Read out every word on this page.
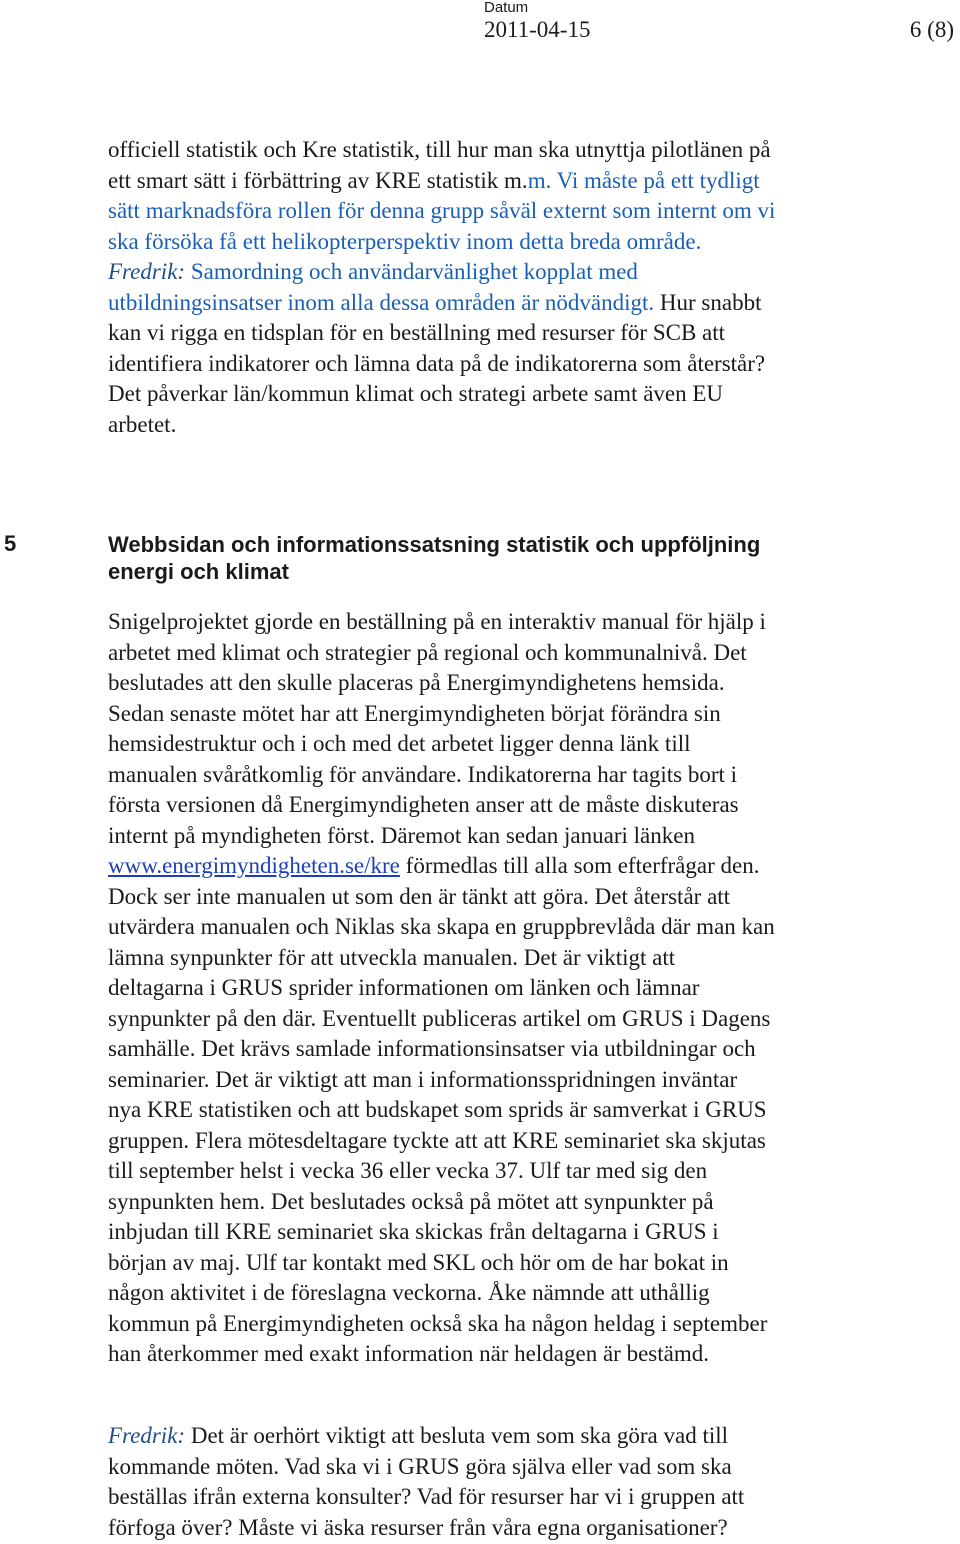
Datum
2011-04-15	6 (8)
officiell statistik och Kre statistik, till hur man ska utnyttja pilotlänen på
ett smart sätt i förbättring av KRE statistik m.m. Vi måste på ett tydligt
sätt marknadsföra rollen för denna grupp såväl externt som internt om vi
ska försöka få ett helikopterperspektiv inom detta breda område.
Fredrik: Samordning och användarvänlighet kopplat med
utbildningsinsatser inom alla dessa områden är nödvändigt. Hur snabbt
kan vi rigga en tidsplan för en beställning med resurser för SCB att
identifiera indikatorer och lämna data på de indikatorerna som återstår?
Det påverkar län/kommun klimat och strategi arbete samt även EU
arbetet.
5	Webbsidan och informationssatsning statistik och uppföljning
energi och klimat
Snigelprojektet gjorde en beställning på en interaktiv manual för hjälp i
arbetet med klimat och strategier på regional och kommunalnivå. Det
beslutades att den skulle placeras på Energimyndighetens hemsida.
Sedan senaste mötet har att Energimyndigheten börjat förändra sin
hemsidestruktur och i och med det arbetet ligger denna länk till
manualen svåråtkomlig för användare. Indikatorerna har tagits bort i
första versionen då Energimyndigheten anser att de måste diskuteras
internt på myndigheten först. Däremot kan sedan januari länken
www.energimyndigheten.se/kre förmedlas till alla som efterfrågar den.
Dock ser inte manualen ut som den är tänkt att göra. Det återstår att
utvärdera manualen och Niklas ska skapa en gruppbrevlåda där man kan
lämna synpunkter för att utveckla manualen. Det är viktigt att
deltagarna i GRUS sprider informationen om länken och lämnar
synpunkter på den där. Eventuellt publiceras artikel om GRUS i Dagens
samhälle. Det krävs samlade informationsinsatser via utbildningar och
seminarier. Det är viktigt att man i informationsspridningen inväntar
nya KRE statistiken och att budskapet som sprids är samverkat i GRUS
gruppen. Flera mötesdeltagare tyckte att att KRE seminariet ska skjutas
till september helst i vecka 36 eller vecka 37. Ulf tar med sig den
synpunkten hem. Det beslutades också på mötet att synpunkter på
inbjudan till KRE seminariet ska skickas från deltagarna i GRUS i
början av maj. Ulf tar kontakt med SKL och hör om de har bokat in
någon aktivitet i de föreslagna veckorna. Åke nämnde att uthållig
kommun på Energimyndigheten också ska ha någon heldag i september
han återkommer med exakt information när heldagen är bestämd.
Fredrik: Det är oerhört viktigt att besluta vem som ska göra vad till
kommande möten. Vad ska vi i GRUS göra själva eller vad som ska
beställas ifrån externa konsulter? Vad för resurser har vi i gruppen att
förfoga över? Måste vi äska resurser från våra egna organisationer?
